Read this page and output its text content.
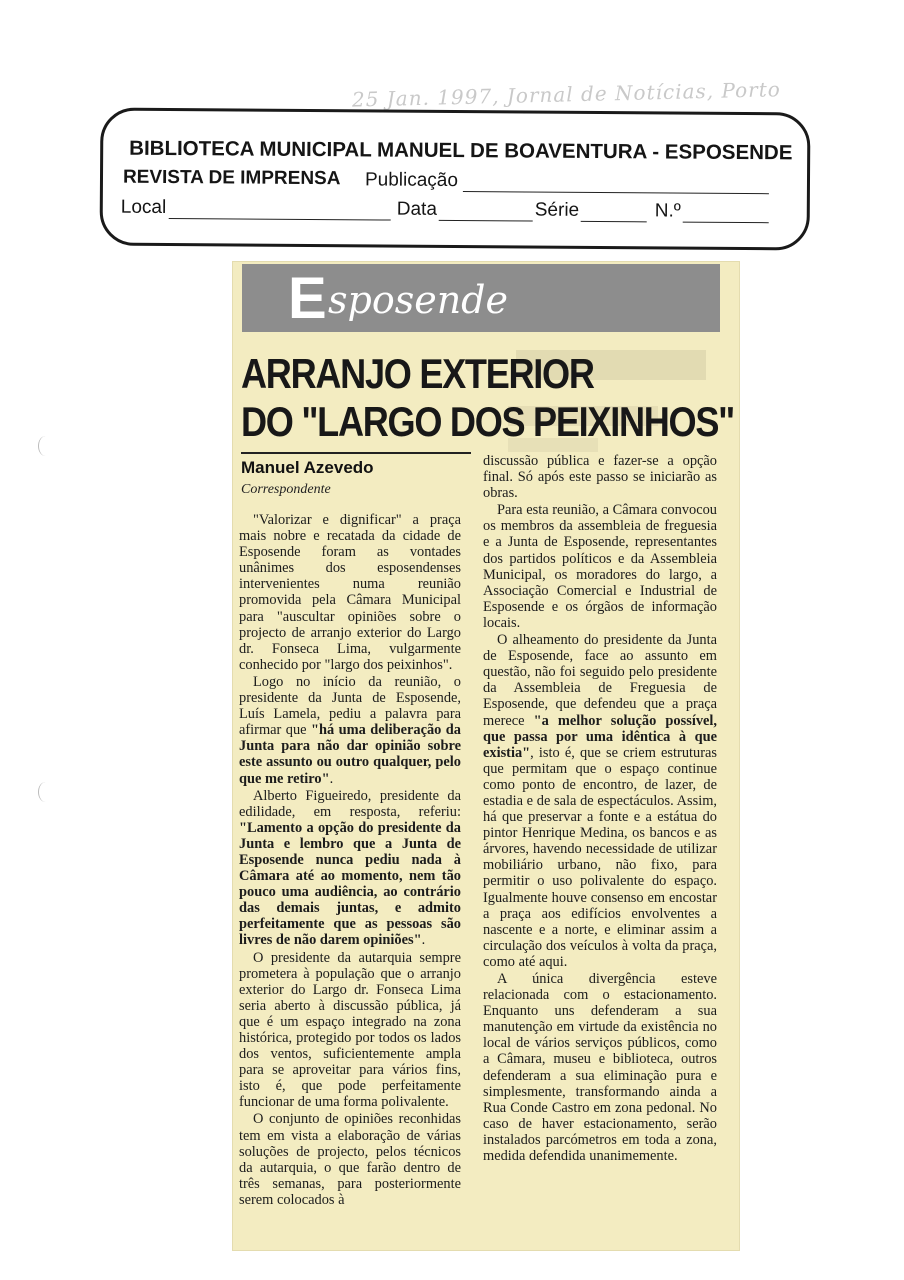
25 Jan. 1997, Jornal de Notícias, Porto
BIBLIOTECA MUNICIPAL MANUEL DE BOAVENTURA - ESPOSENDE
REVISTA DE IMPRENSA Publicação
Local	Data	Série	N.º
E sposende
ARRANJO EXTERIOR
DO "LARGO DOS PEIXINHOS"
Manuel Azevedo
Correspondente

"Valorizar e dignificar" a praça mais nobre e recatada da cidade de Esposende foram as vontades unânimes dos esposendenses intervenientes numa reunião promovida pela Câmara Municipal para "auscultar opiniões sobre o projecto de arranjo exterior do Largo dr. Fonseca Lima, vulgarmente conhecido por "largo dos peixinhos".

Logo no início da reunião, o presidente da Junta de Esposende, Luís Lamela, pediu a palavra para afirmar que "há uma deliberação da Junta para não dar opinião sobre este assunto ou outro qualquer, pelo que me retiro".

Alberto Figueiredo, presidente da edilidade, em resposta, referiu: "Lamento a opção do presidente da Junta e lembro que a Junta de Esposende nunca pediu nada à Câmara até ao momento, nem tão pouco uma audiência, ao contrário das demais juntas, e admito perfeitamente que as pessoas são livres de não darem opiniões".

O presidente da autarquia sempre prometera à população que o arranjo exterior do Largo dr. Fonseca Lima seria aberto à discussão pública, já que é um espaço integrado na zona histórica, protegido por todos os lados dos ventos, suficientemente ampla para se aproveitar para vários fins, isto é, que pode perfeitamente funcionar de uma forma polivalente.

O conjunto de opiniões reconhidas tem em vista a elaboração de várias soluções de projecto, pelos técnicos da autarquia, o que farão dentro de três semanas, para posteriormente serem colocados à

discussão pública e fazer-se a opção final. Só após este passo se iniciarão as obras.

Para esta reunião, a Câmara convocou os membros da assembleia de freguesia e a Junta de Esposende, representantes dos partidos políticos e da Assembleia Municipal, os moradores do largo, a Associação Comercial e Industrial de Esposende e os órgãos de informação locais.

O alheamento do presidente da Junta de Esposende, face ao assunto em questão, não foi seguido pelo presidente da Assembleia de Freguesia de Esposende, que defendeu que a praça merece "a melhor solução possível, que passa por uma idêntica à que existia", isto é, que se criem estruturas que permitam que o espaço continue como ponto de encontro, de lazer, de estadia e de sala de espectáculos. Assim, há que preservar a fonte e a estátua do pintor Henrique Medina, os bancos e as árvores, havendo necessidade de utilizar mobiliário urbano, não fixo, para permitir o uso polivalente do espaço. Igualmente houve consenso em encostar a praça aos edifícios envolventes a nascente e a norte, e eliminar assim a circulação dos veículos à volta da praça, como até aqui.

A única divergência esteve relacionada com o estacionamento. Enquanto uns defenderam a sua manutenção em virtude da existência no local de vários serviços públicos, como a Câmara, museu e biblioteca, outros defenderam a sua eliminação pura e simplesmente, transformando ainda a Rua Conde Castro em zona pedonal. No caso de haver estacionamento, serão instalados parcómetros em toda a zona, medida defendida unanimemente.
